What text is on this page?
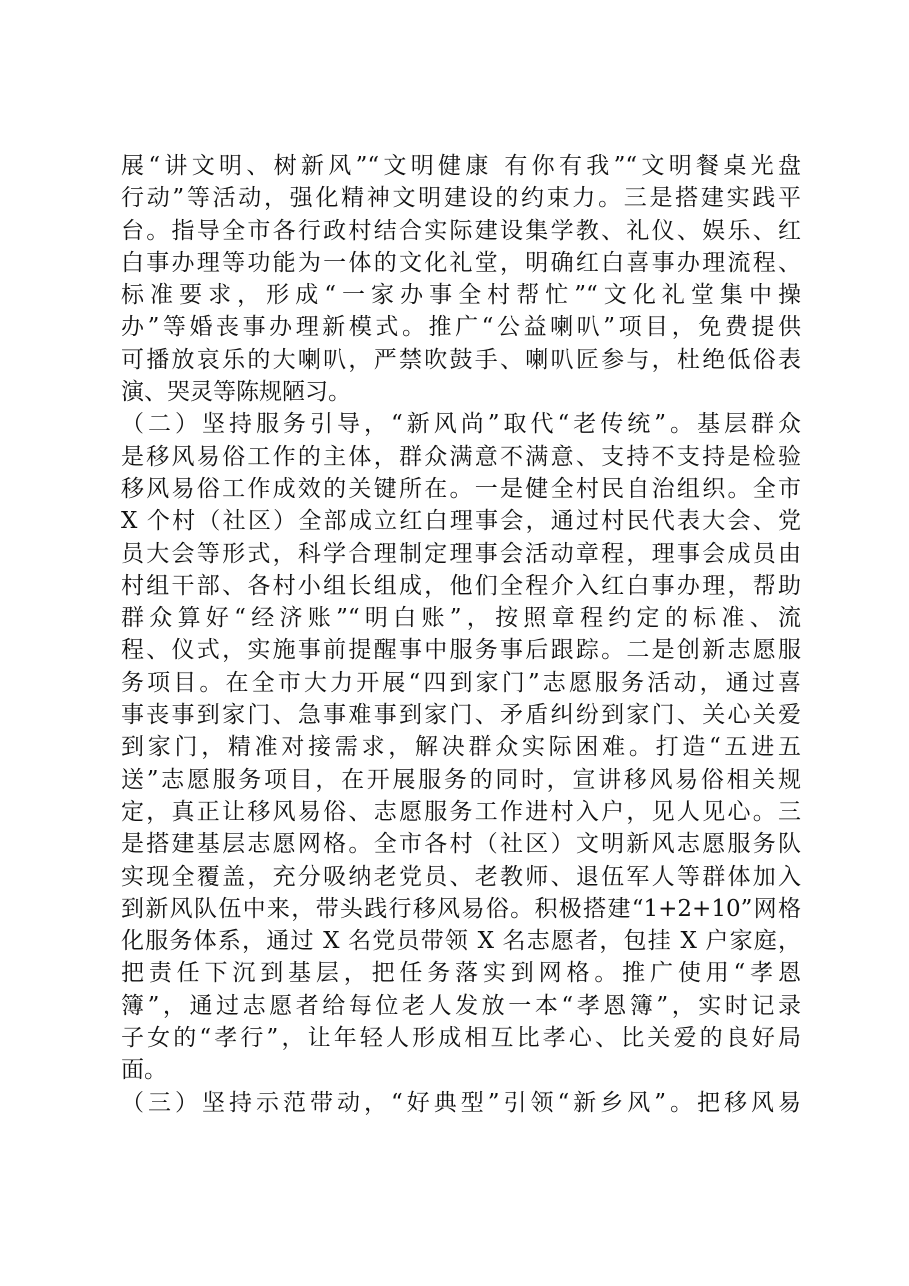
展“讲文明、树新风”“文明健康 有你有我”“文明餐桌光盘
行动”等活动，强化精神文明建设的约束力。三是搭建实践平
台。指导全市各行政村结合实际建设集学教、礼仪、娱乐、红
白事办理等功能为一体的文化礼堂，明确红白喜事办理流程、
标准要求，形成“一家办事全村帮忙”“文化礼堂集中操
办”等婚丧事办理新模式。推广“公益喇叭”项目，免费提供
可播放哀乐的大喇叭，严禁吹鼓手、喇叭匠参与，杜绝低俗表
演、哭灵等陈规陋习。
（二）坚持服务引导，“新风尚”取代“老传统”。基层群众
是移风易俗工作的主体，群众满意不满意、支持不支持是检验
移风易俗工作成效的关键所在。一是健全村民自治组织。全市
X 个村（社区）全部成立红白理事会，通过村民代表大会、党
员大会等形式，科学合理制定理事会活动章程，理事会成员由
村组干部、各村小组长组成，他们全程介入红白事办理，帮助
群众算好“经济账”“明白账”，按照章程约定的标准、流
程、仪式，实施事前提醒事中服务事后跟踪。二是创新志愿服
务项目。在全市大力开展“四到家门”志愿服务活动，通过喜
事丧事到家门、急事难事到家门、矛盾纠纷到家门、关心关爱
到家门，精准对接需求，解决群众实际困难。打造“五进五
送”志愿服务项目，在开展服务的同时，宣讲移风易俗相关规
定，真正让移风易俗、志愿服务工作进村入户，见人见心。三
是搭建基层志愿网格。全市各村（社区）文明新风志愿服务队
实现全覆盖，充分吸纳老党员、老教师、退伍军人等群体加入
到新风队伍中来，带头践行移风易俗。积极搭建“1+2+10”网格
化服务体系，通过 X 名党员带领 X 名志愿者，包挂 X 户家庭，
把责任下沉到基层，把任务落实到网格。推广使用“孝恩
簿”，通过志愿者给每位老人发放一本“孝恩簿”，实时记录
子女的“孝行”，让年轻人形成相互比孝心、比关爱的良好局
面。
（三）坚持示范带动，“好典型”引领“新乡风”。把移风易
